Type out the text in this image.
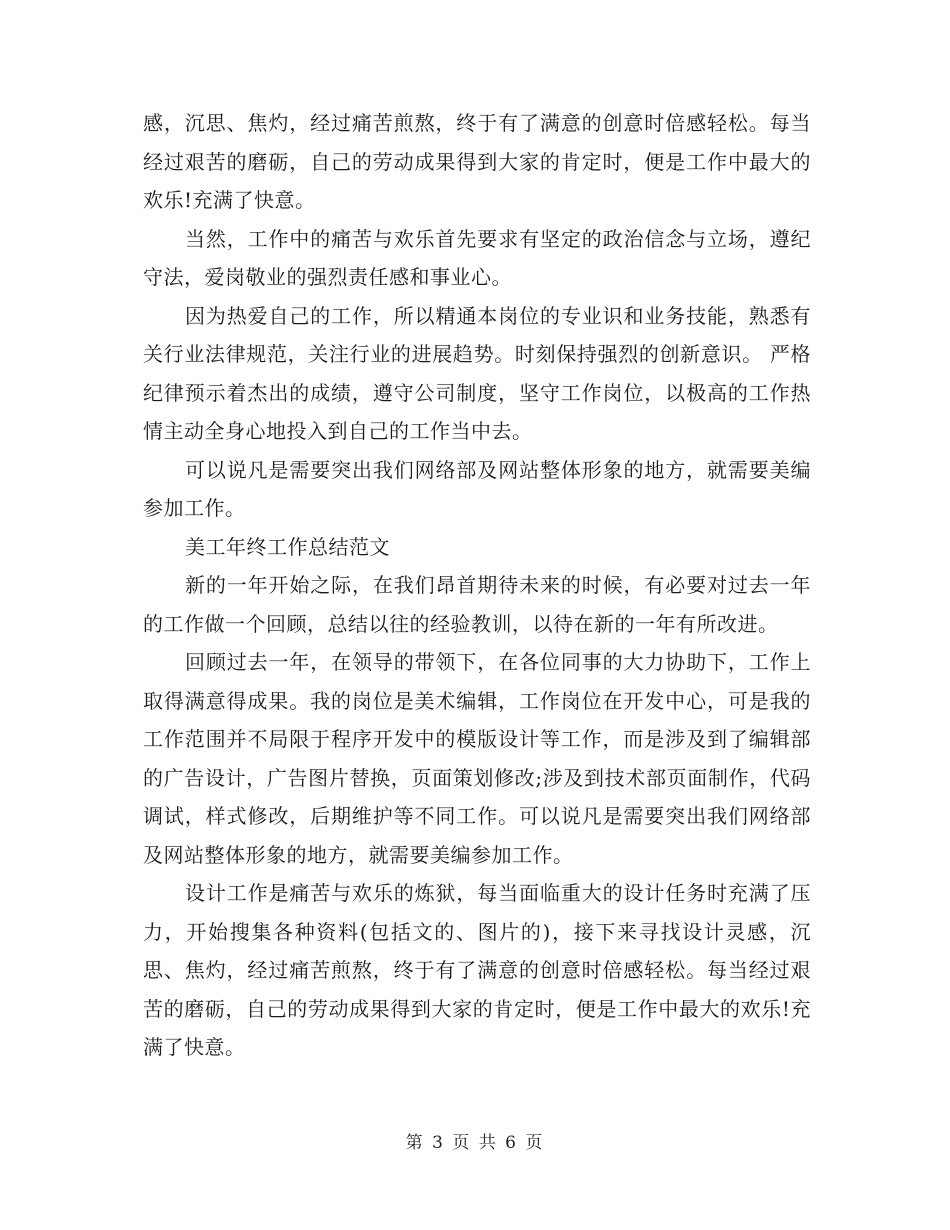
感，沉思、焦灼，经过痛苦煎熬，终于有了满意的创意时倍感轻松。每当经过艰苦的磨砺，自己的劳动成果得到大家的肯定时，便是工作中最大的欢乐!充满了快意。

当然，工作中的痛苦与欢乐首先要求有坚定的政治信念与立场，遵纪守法，爱岗敬业的强烈责任感和事业心。

因为热爱自己的工作，所以精通本岗位的专业识和业务技能，熟悉有关行业法律规范，关注行业的进展趋势。时刻保持强烈的创新意识。 严格纪律预示着杰出的成绩，遵守公司制度，坚守工作岗位，以极高的工作热情主动全身心地投入到自己的工作当中去。

可以说凡是需要突出我们网络部及网站整体形象的地方，就需要美编参加工作。

美工年终工作总结范文

新的一年开始之际，在我们昂首期待未来的时候，有必要对过去一年的工作做一个回顾，总结以往的经验教训，以待在新的一年有所改进。

回顾过去一年，在领导的带领下，在各位同事的大力协助下，工作上取得满意得成果。我的岗位是美术编辑，工作岗位在开发中心，可是我的工作范围并不局限于程序开发中的模版设计等工作，而是涉及到了编辑部的广告设计，广告图片替换，页面策划修改;涉及到技术部页面制作，代码调试，样式修改，后期维护等不同工作。可以说凡是需要突出我们网络部及网站整体形象的地方，就需要美编参加工作。

设计工作是痛苦与欢乐的炼狱，每当面临重大的设计任务时充满了压力，开始搜集各种资料(包括文的、图片的)，接下来寻找设计灵感，沉思、焦灼，经过痛苦煎熬，终于有了满意的创意时倍感轻松。每当经过艰苦的磨砺，自己的劳动成果得到大家的肯定时，便是工作中最大的欢乐!充满了快意。

第 3 页 共 6 页
